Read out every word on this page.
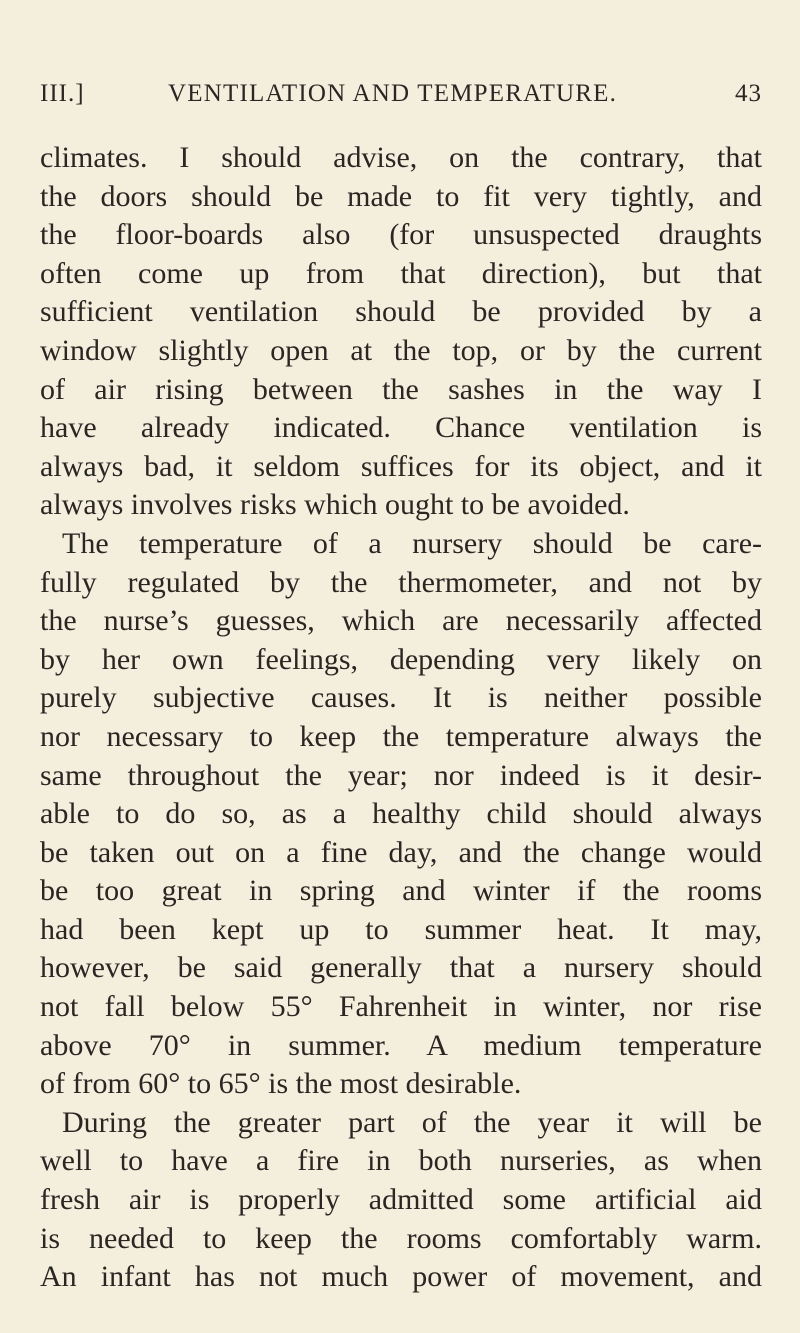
III.]	VENTILATION AND TEMPERATURE.	43
climates. I should advise, on the contrary, that
the doors should be made to fit very tightly, and
the floor-boards also (for unsuspected draughts
often come up from that direction), but that
sufficient ventilation should be provided by a
window slightly open at the top, or by the current
of air rising between the sashes in the way I
have already indicated. Chance ventilation is
always bad, it seldom suffices for its object, and it
always involves risks which ought to be avoided.
The temperature of a nursery should be care-
fully regulated by the thermometer, and not by
the nurse’s guesses, which are necessarily affected
by her own feelings, depending very likely on
purely subjective causes. It is neither possible
nor necessary to keep the temperature always the
same throughout the year; nor indeed is it desir-
able to do so, as a healthy child should always
be taken out on a fine day, and the change would
be too great in spring and winter if the rooms
had been kept up to summer heat. It may,
however, be said generally that a nursery should
not fall below 55° Fahrenheit in winter, nor rise
above 70° in summer. A medium temperature
of from 60° to 65° is the most desirable.
During the greater part of the year it will be
well to have a fire in both nurseries, as when
fresh air is properly admitted some artificial aid
is needed to keep the rooms comfortably warm.
An infant has not much power of movement, and
